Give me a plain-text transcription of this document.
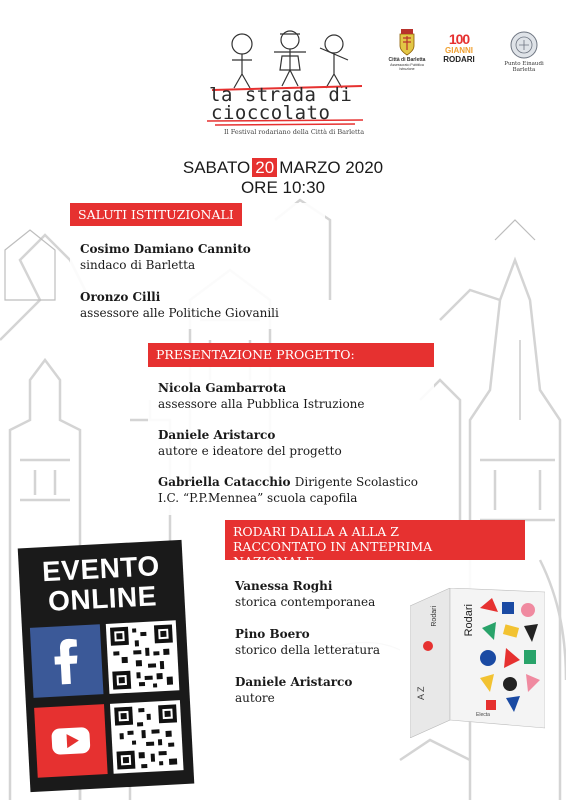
la strada di
cioccolato
Il Festival rodariano della Città di Barletta
Città di Barletta
Assessorato Pubblica Istruzione
100
GIANNI
RODARI	Punto Einaudi Barletta
SABATO 20 MARZO 2020
ORE 10:30
SALUTI ISTITUZIONALI
Cosimo Damiano Cannito
sindaco di Barletta
Oronzo Cilli
assessore alle Politiche Giovanili
PRESENTAZIONE PROGETTO:
Nicola Gambarrota
assessore alla Pubblica Istruzione
Daniele Aristarco
autore e ideatore del progetto
Gabriella Catacchio Dirigente Scolastico
I.C. “P.P.Mennea” scuola capofila
RODARI DALLA A ALLA Z
RACCONTATO IN ANTEPRIMA NAZIONALE
Vanessa Roghi
storica contemporanea
Pino Boero
storico della letteratura
Daniele Aristarco
autore
Rodari Rodari
Electa
A Z
EVENTO
ONLINE
